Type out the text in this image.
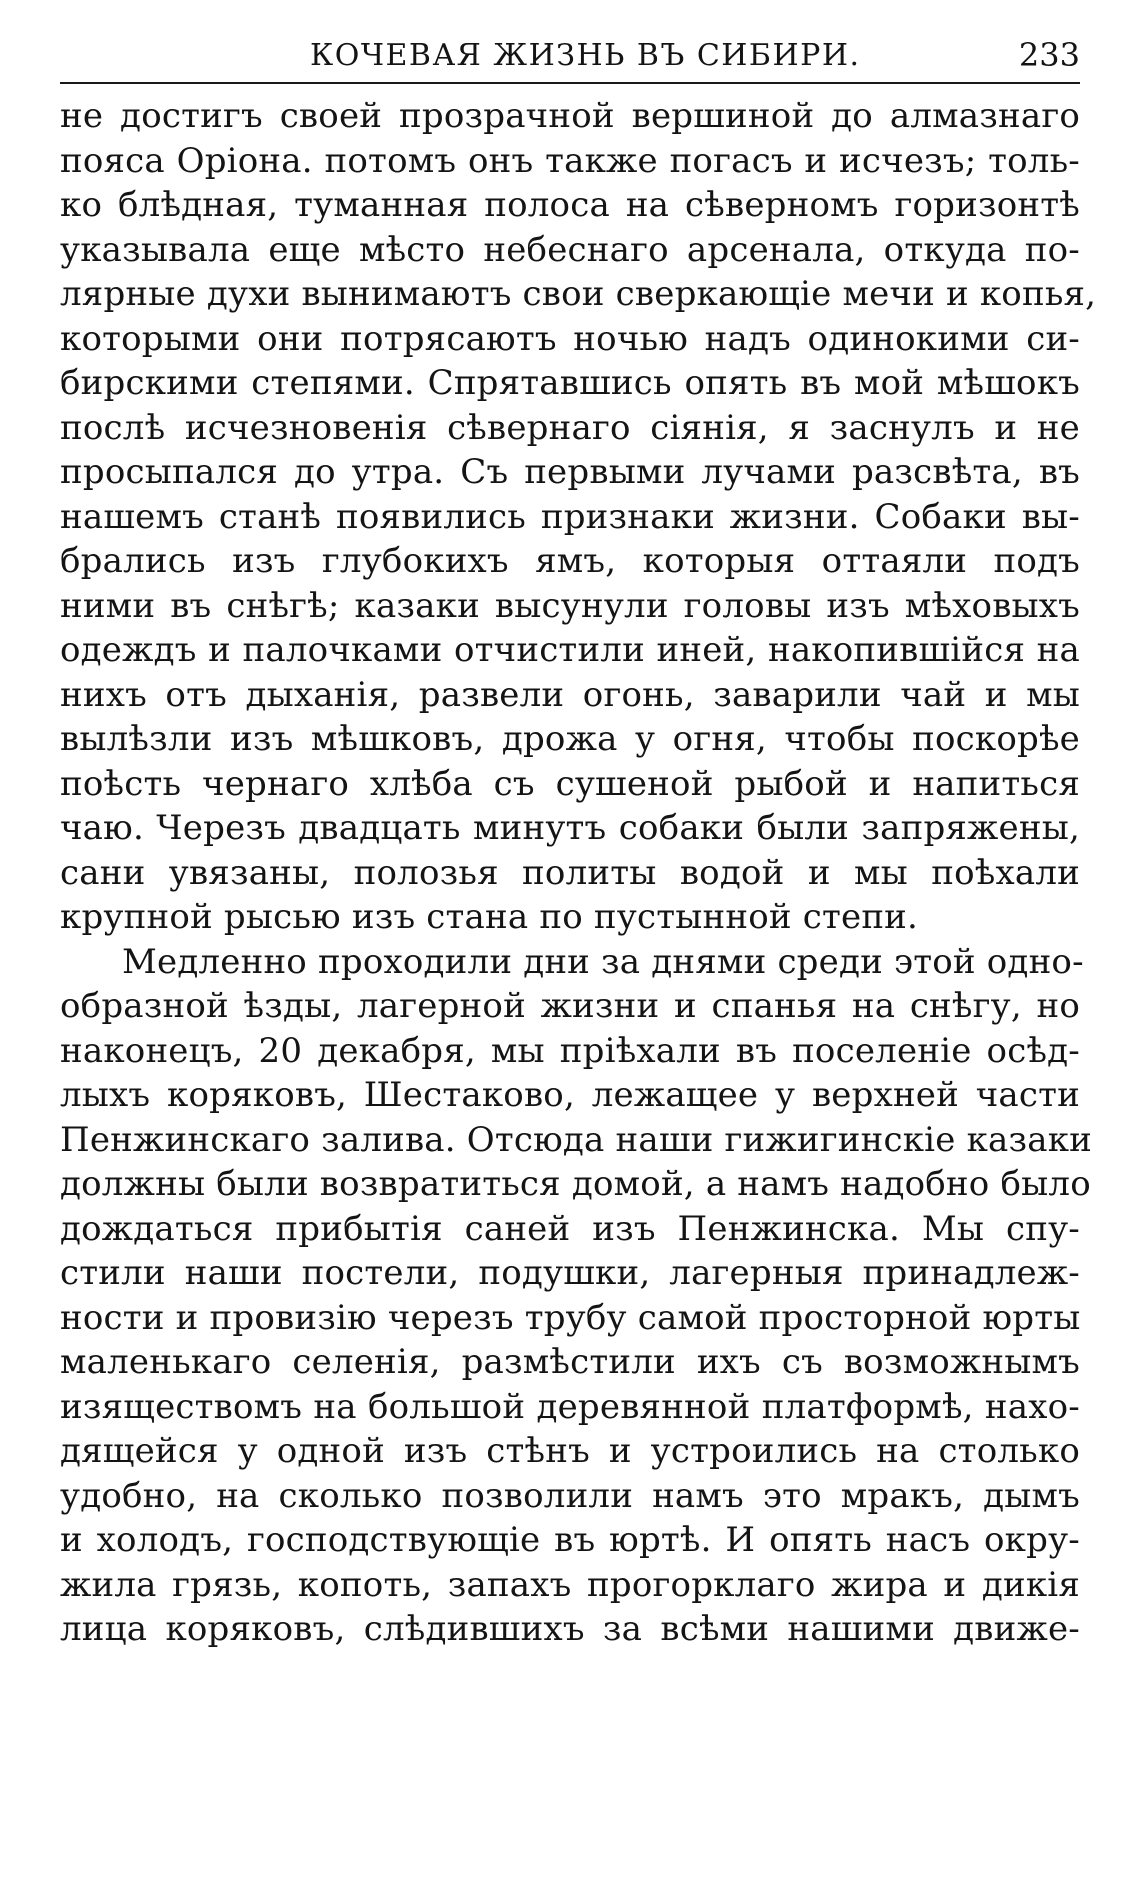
КОЧЕВАЯ ЖИЗНЬ ВЪ СИБИРИ.	233
не достигъ своей прозрачной вершиной до алмазнаго
пояса Оріона. потомъ онъ также погасъ и исчезъ; толь-
ко блѣдная, туманная полоса на сѣверномъ горизонтѣ
указывала еще мѣсто небеснаго арсенала, откуда по-
лярные духи вынимаютъ свои сверкающіе мечи и копья,
которыми они потрясаютъ ночью надъ одинокими си-
бирскими степями. Спрятавшись опять въ мой мѣшокъ
послѣ исчезновенія сѣвернаго сіянія, я заснулъ и не
просыпался до утра. Съ первыми лучами разсвѣта, въ
нашемъ станѣ появились признаки жизни. Собаки вы-
брались изъ глубокихъ ямъ, которыя оттаяли подъ
ними въ снѣгѣ; казаки высунули головы изъ мѣховыхъ
одеждъ и палочками отчистили иней, накопившійся на
нихъ отъ дыханія, развели огонь, заварили чай и мы
вылѣзли изъ мѣшковъ, дрожа у огня, чтобы поскорѣе
поѣсть чернаго хлѣба съ сушеной рыбой и напиться
чаю. Черезъ двадцать минутъ собаки были запряжены,
сани увязаны, полозья политы водой и мы поѣхали
крупной рысью изъ стана по пустынной степи.
Медленно проходили дни за днями среди этой одно-
образной ѣзды, лагерной жизни и спанья на снѣгу, но
наконецъ, 20 декабря, мы пріѣхали въ поселеніе осѣд-
лыхъ коряковъ, Шестаково, лежащее у верхней части
Пенжинскаго залива. Отсюда наши гижигинскіе казаки
должны были возвратиться домой, а намъ надобно было
дождаться прибытія саней изъ Пенжинска. Мы спу-
стили наши постели, подушки, лагерныя принадлеж-
ности и провизію черезъ трубу самой просторной юрты
маленькаго селенія, размѣстили ихъ съ возможнымъ
изяществомъ на большой деревянной платформѣ, нахо-
дящейся у одной изъ стѣнъ и устроились на столько
удобно, на сколько позволили намъ это мракъ, дымъ
и холодъ, господствующіе въ юртѣ. И опять насъ окру-
жила грязь, копоть, запахъ прогорклаго жира и дикія
лица коряковъ, слѣдившихъ за всѣми нашими движе-
